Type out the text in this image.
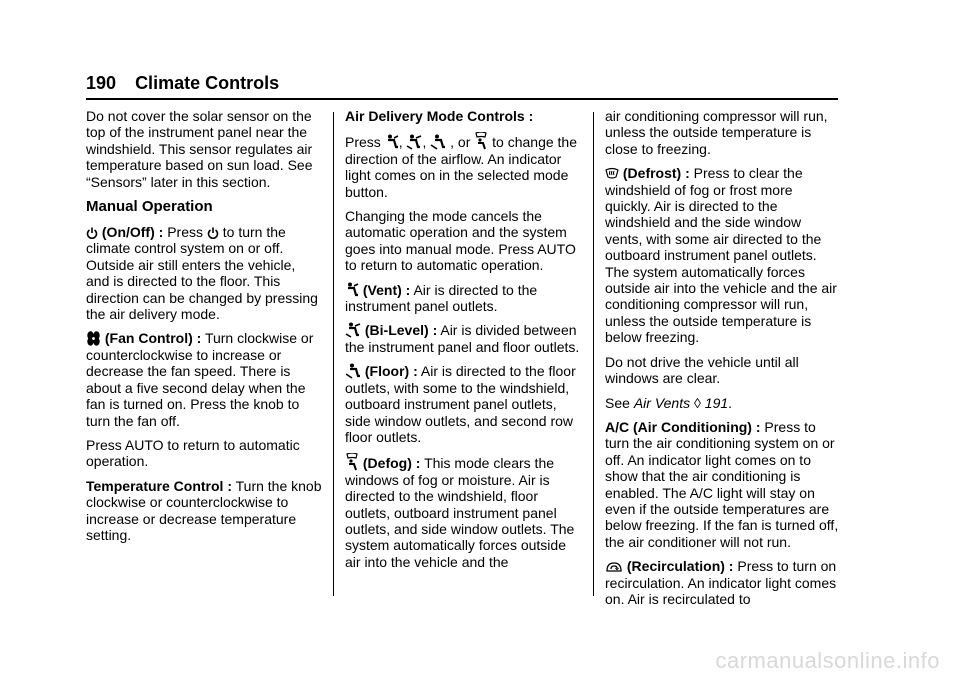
190 Climate Controls

Do not cover the solar sensor on the top of the instrument panel near the windshield. This sensor regulates air temperature based on sun load. See “Sensors” later in this section.

Manual Operation

(On/Off) : Press to turn the climate control system on or off. Outside air still enters the vehicle, and is directed to the floor. This direction can be changed by pressing the air delivery mode.

(Fan Control) : Turn clockwise or counterclockwise to increase or decrease the fan speed. There is about a five second delay when the fan is turned on. Press the knob to turn the fan off.

Press AUTO to return to automatic operation.

Temperature Control : Turn the knob clockwise or counterclockwise to increase or decrease temperature setting.

Air Delivery Mode Controls :

Press , , , or to change the direction of the airflow. An indicator light comes on in the selected mode button.

Changing the mode cancels the automatic operation and the system goes into manual mode. Press AUTO to return to automatic operation.

(Vent) : Air is directed to the instrument panel outlets.

(Bi-Level) : Air is divided between the instrument panel and floor outlets.

(Floor) : Air is directed to the floor outlets, with some to the windshield, outboard instrument panel outlets, side window outlets, and second row floor outlets.

(Defog) : This mode clears the windows of fog or moisture. Air is directed to the windshield, floor outlets, outboard instrument panel outlets, and side window outlets. The system automatically forces outside air into the vehicle and the

air conditioning compressor will run, unless the outside temperature is close to freezing.

(Defrost) : Press to clear the windshield of fog or frost more quickly. Air is directed to the windshield and the side window vents, with some air directed to the outboard instrument panel outlets. The system automatically forces outside air into the vehicle and the air conditioning compressor will run, unless the outside temperature is below freezing.

Do not drive the vehicle until all windows are clear.

See Air Vents ◊ 191.

A/C (Air Conditioning) : Press to turn the air conditioning system on or off. An indicator light comes on to show that the air conditioning is enabled. The A/C light will stay on even if the outside temperatures are below freezing. If the fan is turned off, the air conditioner will not run.

(Recirculation) : Press to turn on recirculation. An indicator light comes on. Air is recirculated to

carmanualsonline.info
